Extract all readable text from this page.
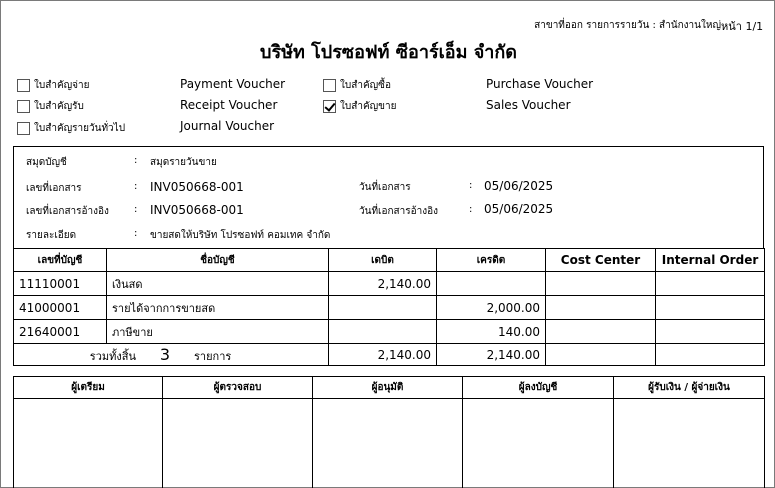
สาขาที่ออก รายการรายวัน : สำนักงานใหญ่ หน้า 1/1
บริษัท โปรซอฟท์ ซีอาร์เอ็ม จำกัด
ใบสำคัญจ่าย	Payment Voucher
ใบสำคัญรับ	Receipt Voucher
ใบสำคัญรายวันทั่วไป	Journal Voucher
ใบสำคัญซื้อ	Purchase Voucher
ใบสำคัญขาย	Sales Voucher
สมุดบัญชี	: สมุดรายวันขาย
เลขที่เอกสาร	: INV050668-001	วันที่เอกสาร	: 05/06/2025
เลขที่เอกสารอ้างอิง	: INV050668-001	วันที่เอกสารอ้างอิง	: 05/06/2025
รายละเอียด	: ขายสดให้บริษัท โปรซอฟท์ คอมเทค จำกัด
เลขที่บัญชี	ชื่อบัญชี	เดบิต	เครดิต	Cost Center	Internal Order
11110001	เงินสด	2,140.00			
41000001	รายได้จากการขายสด		2,000.00		
21640001	ภาษีขาย		140.00		
รวมทั้งสิ้น 3 รายการ		2,140.00	2,140.00		
ผู้เตรียม	ผู้ตรวจสอบ	ผู้อนุมัติ	ผู้ลงบัญชี	ผู้รับเงิน / ผู้จ่ายเงิน
